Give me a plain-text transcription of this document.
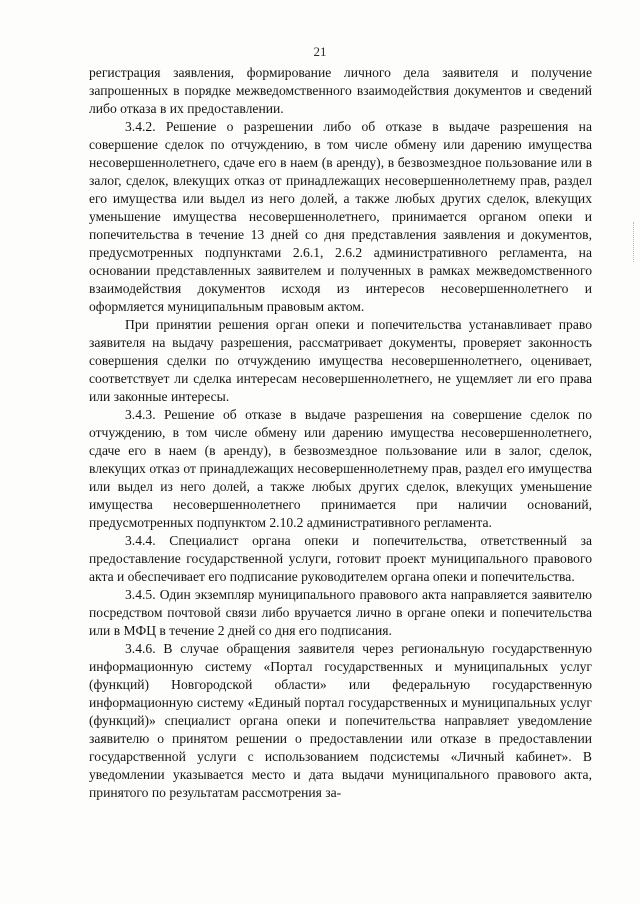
21

регистрация заявления, формирование личного дела заявителя и получение запрошенных в порядке межведомственного взаимодействия документов и сведений либо отказа в их предоставлении.

3.4.2. Решение о разрешении либо об отказе в выдаче разрешения на совершение сделок по отчуждению, в том числе обмену или дарению имущества несовершеннолетнего, сдаче его в наем (в аренду), в безвозмездное пользование или в залог, сделок, влекущих отказ от принадлежащих несовершеннолетнему прав, раздел его имущества или выдел из него долей, а также любых других сделок, влекущих уменьшение имущества несовершеннолетнего, принимается органом опеки и попечительства в течение 13 дней со дня представления заявления и документов, предусмотренных подпунктами 2.6.1, 2.6.2 административного регламента, на основании представленных заявителем и полученных в рамках межведомственного взаимодействия документов исходя из интересов несовершеннолетнего и оформляется муниципальным правовым актом.

При принятии решения орган опеки и попечительства устанавливает право заявителя на выдачу разрешения, рассматривает документы, проверяет законность совершения сделки по отчуждению имущества несовершеннолетнего, оценивает, соответствует ли сделка интересам несовершеннолетнего, не ущемляет ли его права или законные интересы.

3.4.3. Решение об отказе в выдаче разрешения на совершение сделок по отчуждению, в том числе обмену или дарению имущества несовершеннолетнего, сдаче его в наем (в аренду), в безвозмездное пользование или в залог, сделок, влекущих отказ от принадлежащих несовершеннолетнему прав, раздел его имущества или выдел из него долей, а также любых других сделок, влекущих уменьшение имущества несовершеннолетнего принимается при наличии оснований, предусмотренных подпунктом 2.10.2 административного регламента.

3.4.4. Специалист органа опеки и попечительства, ответственный за предоставление государственной услуги, готовит проект муниципального правового акта и обеспечивает его подписание руководителем органа опеки и попечительства.

3.4.5. Один экземпляр муниципального правового акта направляется заявителю посредством почтовой связи либо вручается лично в органе опеки и попечительства или в МФЦ в течение 2 дней со дня его подписания.

3.4.6. В случае обращения заявителя через региональную государственную информационную систему «Портал государственных и муниципальных услуг (функций) Новгородской области» или федеральную государственную информационную систему «Единый портал государственных и муниципальных услуг (функций)» специалист органа опеки и попечительства направляет уведомление заявителю о принятом решении о предоставлении или отказе в предоставлении государственной услуги с использованием подсистемы «Личный кабинет». В уведомлении указывается место и дата выдачи муниципального правового акта, принятого по результатам рассмотрения за-
